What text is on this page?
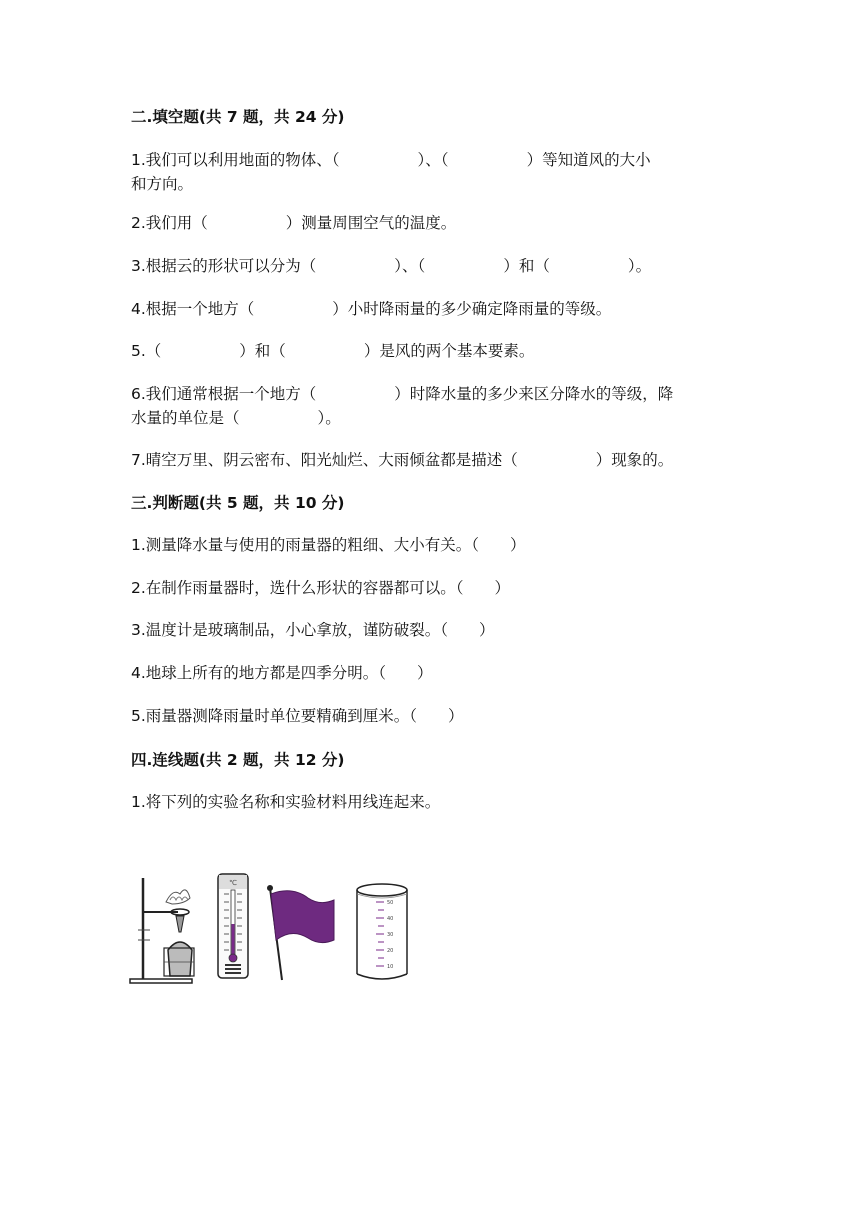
二.填空题(共 7 题，共 24 分)
1.我们可以利用地面的物体、（	）、（	）等知道风的大小
和方向。
2.我们用（	）测量周围空气的温度。
3.根据云的形状可以分为（	）、（	）和（	）。
4.根据一个地方（	）小时降雨量的多少确定降雨量的等级。
5.（	）和（	）是风的两个基本要素。
6.我们通常根据一个地方（	）时降水量的多少来区分降水的等级，降
水量的单位是（	）。
7.晴空万里、阴云密布、阳光灿烂、大雨倾盆都是描述（	）现象的。
三.判断题(共 5 题，共 10 分)
1.测量降水量与使用的雨量器的粗细、大小有关。（　　）
2.在制作雨量器时，选什么形状的容器都可以。（　　）
3.温度计是玻璃制品，小心拿放，谨防破裂。（　　）
4.地球上所有的地方都是四季分明。（　　）
5.雨量器测降雨量时单位要精确到厘米。（　　）
四.连线题(共 2 题，共 12 分)
1.将下列的实验名称和实验材料用线连起来。
℃
50
40
30
20
10
